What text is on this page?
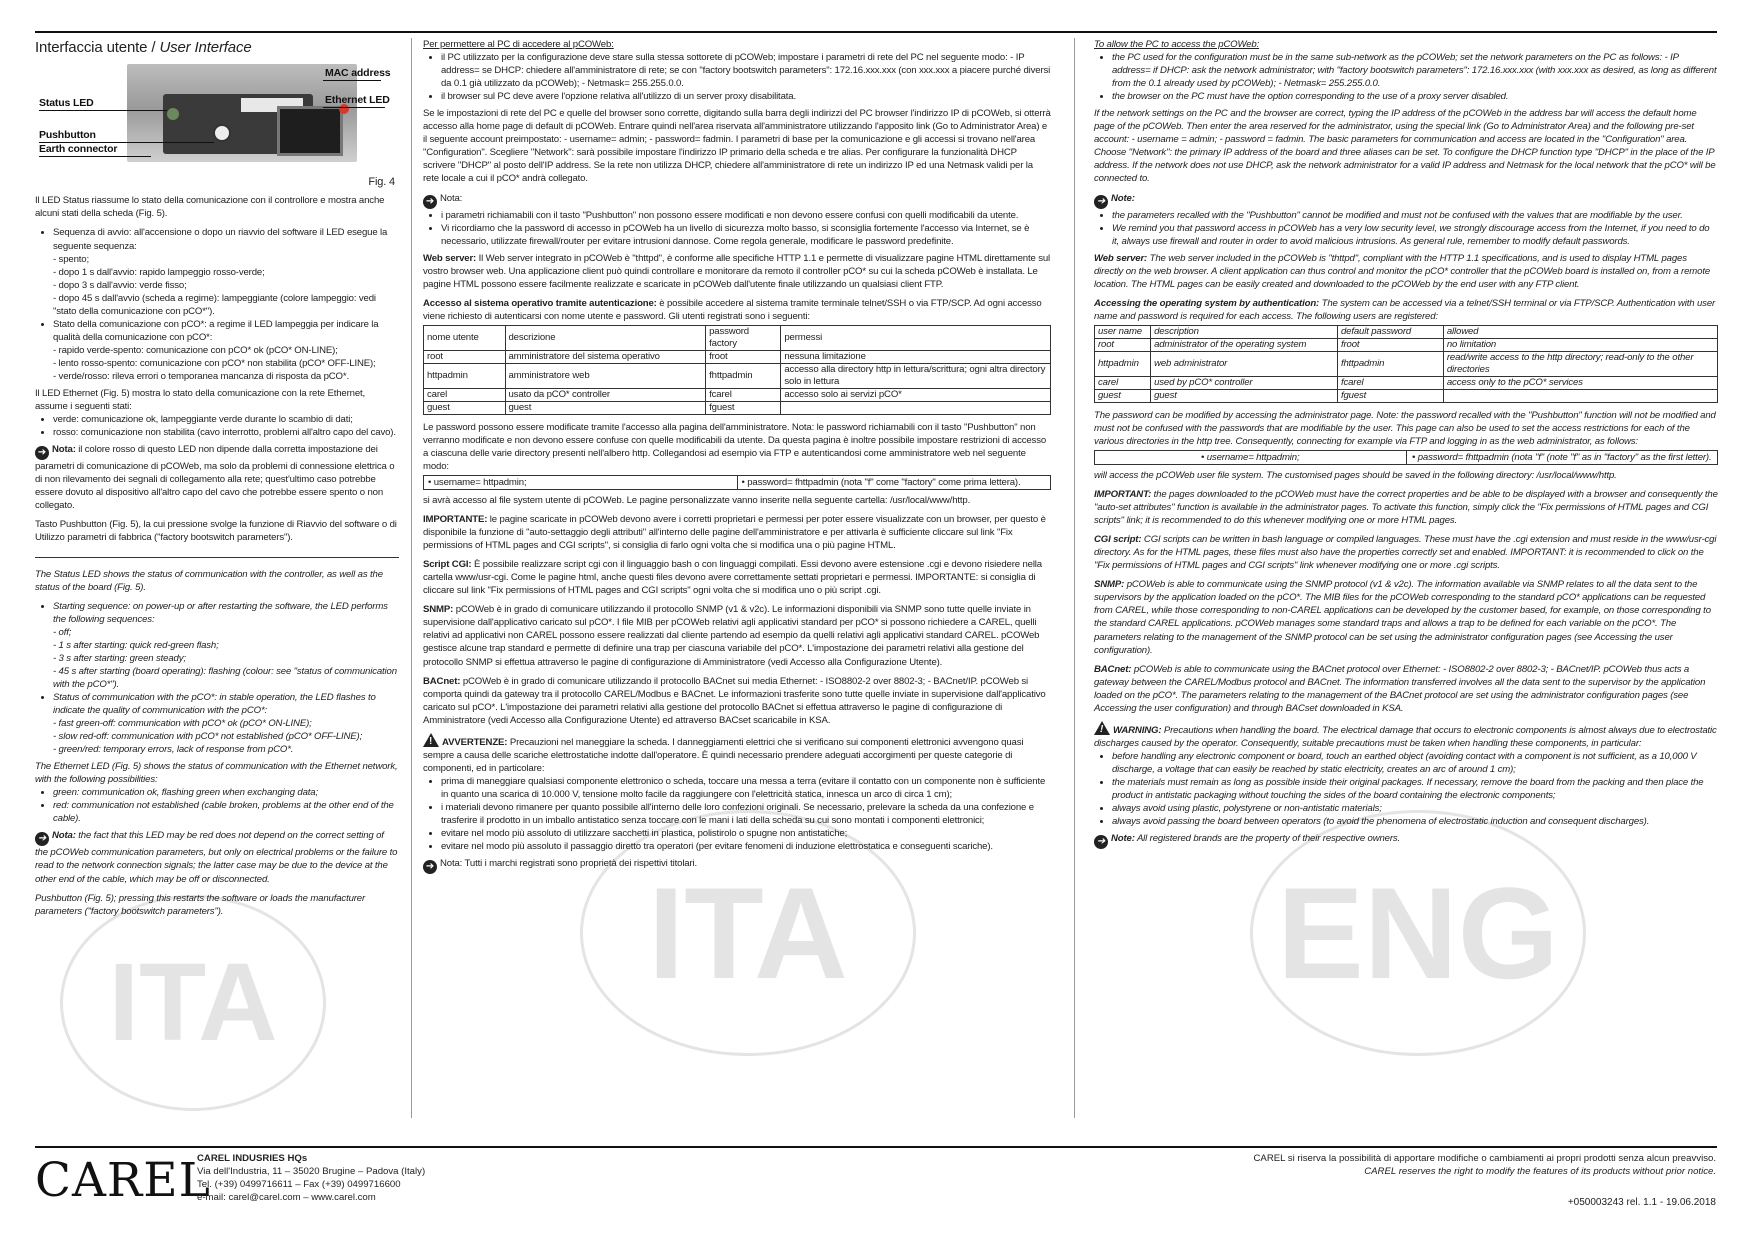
ITA	ITA	ENG
Interfaccia utente / User Interface
MAC address
Status LED	Ethernet LED
Pushbutton
Earth connector
Fig. 4

Il LED Status riassume lo stato della comunicazione con il controllore e mostra anche alcuni stati della scheda (Fig. 5).

• Sequenza di avvio: all'accensione o dopo un riavvio del software il LED esegue la seguente sequenza:
- spento;
- dopo 1 s dall'avvio: rapido lampeggio rosso-verde;
- dopo 3 s dall'avvio: verde fisso;
- dopo 45 s dall'avvio (scheda a regime): lampeggiante (colore lampeggio: vedi "stato della comunicazione con pCO*").
• Stato della comunicazione con pCO*: a regime il LED lampeggia per indicare la qualità della comunicazione con pCO*:
- rapido verde-spento: comunicazione con pCO* ok (pCO* ON-LINE);
- lento rosso-spento: comunicazione con pCO* non stabilita (pCO* OFF-LINE);
- verde/rosso: rileva errori o temporanea mancanza di risposta da pCO*.

Il LED Ethernet (Fig. 5) mostra lo stato della comunicazione con la rete Ethernet, assume i seguenti stati:

• verde: comunicazione ok, lampeggiante verde durante lo scambio di dati;
• rosso: comunicazione non stabilita (cavo interrotto, problemi all'altro capo del cavo).

➔ Nota: il colore rosso di questo LED non dipende dalla corretta impostazione dei parametri di comunicazione di pCOWeb, ma solo da problemi di connessione elettrica o di non rilevamento dei segnali di collegamento alla rete; quest'ultimo caso potrebbe essere dovuto al dispositivo all'altro capo del cavo che potrebbe essere spento o non collegato.

Tasto Pushbutton (Fig. 5), la cui pressione svolge la funzione di Riavvio del software o di Utilizzo parametri di fabbrica ("factory bootswitch parameters").

The Status LED shows the status of communication with the controller, as well as the status of the board (Fig. 5).

• Starting sequence: on power-up or after restarting the software, the LED performs the following sequences:
- off;
- 1 s after starting: quick red-green flash;
- 3 s after starting: green steady;
- 45 s after starting (board operating): flashing (colour: see "status of communication with the pCO*").
• Status of communication with the pCO*: in stable operation, the LED flashes to indicate the quality of communication with the pCO*:
- fast green-off: communication with pCO* ok (pCO* ON-LINE);
- slow red-off: communication with pCO* not established (pCO* OFF-LINE);
- green/red: temporary errors, lack of response from pCO*.

The Ethernet LED (Fig. 5) shows the status of communication with the Ethernet network, with the following possibilities:

• green: communication ok, flashing green when exchanging data;
• red: communication not established (cable broken, problems at the other end of the cable).

➔ Nota: the fact that this LED may be red does not depend on the correct setting of the pCOWeb communication parameters, but only on electrical problems or the failure to read to the network connection signals; the latter case may be due to the device at the other end of the cable, which may be off or disconnected.

Pushbutton (Fig. 5); pressing this restarts the software or loads the manufacturer parameters ("factory bootswitch parameters").

Per permettere al PC di accedere al pCOWeb:

• il PC utilizzato per la configurazione deve stare sulla stessa sottorete di pCOWeb; impostare i parametri di rete del PC nel seguente modo: - IP address= se DHCP: chiedere all'amministratore di rete; se con "factory bootswitch parameters": 172.16.xxx.xxx (con xxx.xxx a piacere purché diversi da 0.1 già utilizzato da pCOWeb); - Netmask= 255.255.0.0.
• il browser sul PC deve avere l'opzione relativa all'utilizzo di un server proxy disabilitata.

Se le impostazioni di rete del PC e quelle del browser sono corrette, digitando sulla barra degli indirizzi del PC browser l'indirizzo IP di pCOWeb, si otterrà accesso alla home page di default di pCOWeb. Entrare quindi nell'area riservata all'amministratore utilizzando l'apposito link (Go to Administrator Area) e il seguente account preimpostato: - username= admin; - password= fadmin. I parametri di base per la comunicazione e gli accessi si trovano nell'area "Configuration". Scegliere "Network": sarà possibile impostare l'indirizzo IP primario della scheda e tre alias. Per configurare la funzionalità DHCP scrivere "DHCP" al posto dell'IP address. Se la rete non utilizza DHCP, chiedere all'amministratore di rete un indirizzo IP ed una Netmask validi per la rete locale a cui il pCO* andrà collegato.

➔ Nota:

• i parametri richiamabili con il tasto "Pushbutton" non possono essere modificati e non devono essere confusi con quelli modificabili da utente.
• Vi ricordiamo che la password di accesso in pCOWeb ha un livello di sicurezza molto basso, si sconsiglia fortemente l'accesso via Internet, se è necessario, utilizzate firewall/router per evitare intrusioni dannose. Come regola generale, modificare le password predefinite.

Web server: Il Web server integrato in pCOWeb è "thttpd", è conforme alle specifiche HTTP 1.1 e permette di visualizzare pagine HTML direttamente sul vostro browser web. Una applicazione client può quindi controllare e monitorare da remoto il controller pCO* su cui la scheda pCOWeb è installata. Le pagine HTML possono essere facilmente realizzate e scaricate in pCOWeb dall'utente finale utilizzando un qualsiasi client FTP.

Accesso al sistema operativo tramite autenticazione: è possibile accedere al sistema tramite terminale telnet/SSH o via FTP/SCP. Ad ogni accesso viene richiesto di autenticarsi con nome utente e password. Gli utenti registrati sono i seguenti:

nome utente	descrizione	password factory	permessi
root	amministratore del sistema operativo	froot	nessuna limitazione
httpadmin	amministratore web	fhttpadmin	accesso alla directory http in lettura/scrittura; ogni altra directory solo in lettura
carel	usato da pCO* controller	fcarel	accesso solo ai servizi pCO*
guest	guest	fguest	

Le password possono essere modificate tramite l'accesso alla pagina dell'amministratore. Nota: le password richiamabili con il tasto "Pushbutton" non verranno modificate e non devono essere confuse con quelle modificabili da utente. Da questa pagina è inoltre possibile impostare restrizioni di accesso a ciascuna delle varie directory presenti nell'albero http. Collegandosi ad esempio via FTP e autenticandosi come amministratore web nel seguente modo:

• username= httpadmin;	• password= fhttpadmin (nota "f" come "factory" come prima lettera).

si avrà accesso al file system utente di pCOWeb. Le pagine personalizzate vanno inserite nella seguente cartella: /usr/local/www/http.

IMPORTANTE: le pagine scaricate in pCOWeb devono avere i corretti proprietari e permessi per poter essere visualizzate con un browser, per questo è disponibile la funzione di "auto-settaggio degli attributi" all'interno delle pagine dell'amministratore e per attivarla è sufficiente cliccare sul link "Fix permissions of HTML pages and CGI scripts", si consiglia di farlo ogni volta che si modifica una o più pagine HTML.

Script CGI: È possibile realizzare script cgi con il linguaggio bash o con linguaggi compilati. Essi devono avere estensione .cgi e devono risiedere nella cartella www/usr-cgi. Come le pagine html, anche questi files devono avere correttamente settati proprietari e permessi. IMPORTANTE: si consiglia di cliccare sul link "Fix permissions of HTML pages and CGI scripts" ogni volta che si modifica uno o più script .cgi.

SNMP: pCOWeb è in grado di comunicare utilizzando il protocollo SNMP (v1 & v2c). Le informazioni disponibili via SNMP sono tutte quelle inviate in supervisione dall'applicativo caricato sul pCO*. I file MIB per pCOWeb relativi agli applicativi standard per pCO* si possono richiedere a CAREL, quelli relativi ad applicativi non CAREL possono essere realizzati dal cliente partendo ad esempio da quelli relativi agli applicativi standard CAREL. pCOWeb gestisce alcune trap standard e permette di definire una trap per ciascuna variabile del pCO*. L'impostazione dei parametri relativi alla gestione del protocollo SNMP si effettua attraverso le pagine di configurazione di Amministratore (vedi Accesso alla Configurazione Utente).

BACnet: pCOWeb è in grado di comunicare utilizzando il protocollo BACnet sui media Ethernet: - ISO8802-2 over 8802-3; - BACnet/IP. pCOWeb si comporta quindi da gateway tra il protocollo CAREL/Modbus e BACnet. Le informazioni trasferite sono tutte quelle inviate in supervisione dall'applicativo caricato sul pCO*. L'impostazione dei parametri relativi alla gestione del protocollo BACnet si effettua attraverso le pagine di configurazione di Amministratore (vedi Accesso alla Configurazione Utente) ed attraverso BACset scaricabile in KSA.

! AVVERTENZE: Precauzioni nel maneggiare la scheda. I danneggiamenti elettrici che si verificano sui componenti elettronici avvengono quasi sempre a causa delle scariche elettrostatiche indotte dall'operatore. È quindi necessario prendere adeguati accorgimenti per queste categorie di componenti, ed in particolare:

• prima di maneggiare qualsiasi componente elettronico o scheda, toccare una messa a terra (evitare il contatto con un componente non è sufficiente in quanto una scarica di 10.000 V, tensione molto facile da raggiungere con l'elettricità statica, innesca un arco di circa 1 cm);
• i materiali devono rimanere per quanto possibile all'interno delle loro confezioni originali. Se necessario, prelevare la scheda da una confezione e trasferire il prodotto in un imballo antistatico senza toccare con le mani i lati della scheda su cui sono montati i componenti elettronici;
• evitare nel modo più assoluto di utilizzare sacchetti in plastica, polistirolo o spugne non antistatiche;
• evitare nel modo più assoluto il passaggio diretto tra operatori (per evitare fenomeni di induzione elettrostatica e conseguenti scariche).

➔ Nota: Tutti i marchi registrati sono proprietà dei rispettivi titolari.

To allow the PC to access the pCOWeb:

• the PC used for the configuration must be in the same sub-network as the pCOWeb; set the network parameters on the PC as follows: - IP address= if DHCP: ask the network administrator; with "factory bootswitch parameters": 172.16.xxx.xxx (with xxx.xxx as desired, as long as different from the 0.1 already used by pCOWeb); - Netmask= 255.255.0.0.
• the browser on the PC must have the option corresponding to the use of a proxy server disabled.

If the network settings on the PC and the browser are correct, typing the IP address of the pCOWeb in the address bar will access the default home page of the pCOWeb. Then enter the area reserved for the administrator, using the special link (Go to Administrator Area) and the following pre-set account: - username = admin; - password = fadmin. The basic parameters for communication and access are located in the "Configuration" area. Choose "Network": the primary IP address of the board and three aliases can be set. To configure the DHCP function type "DHCP" in the place of the IP address. If the network does not use DHCP, ask the network administrator for a valid IP address and Netmask for the local network that the pCO* will be connected to.

➔ Note:

• the parameters recalled with the "Pushbutton" cannot be modified and must not be confused with the values that are modifiable by the user.
• We remind you that password access in pCOWeb has a very low security level, we strongly discourage access from the Internet, if you need to do it, always use firewall and router in order to avoid malicious intrusions. As general rule, remember to modify default passwords.

Web server: The web server included in the pCOWeb is "thttpd", compliant with the HTTP 1.1 specifications, and is used to display HTML pages directly on the web browser. A client application can thus control and monitor the pCO* controller that the pCOWeb board is installed on, from a remote location. The HTML pages can be easily created and downloaded to the pCOWeb by the end user with any FTP client.

Accessing the operating system by authentication: The system can be accessed via a telnet/SSH terminal or via FTP/SCP. Authentication with user name and password is required for each access. The following users are registered:

user name	description	default password	allowed
root	administrator of the operating system	froot	no limitation
httpadmin	web administrator	fhttpadmin	read/write access to the http directory; read-only to the other directories
carel	used by pCO* controller	fcarel	access only to the pCO* services
guest	guest	fguest	

The password can be modified by accessing the administrator page. Note: the password recalled with the "Pushbutton" function will not be modified and must not be confused with the passwords that are modifiable by the user. This page can also be used to set the access restrictions for each of the various directories in the http tree. Consequently, connecting for example via FTP and logging in as the web administrator, as follows:

• username= httpadmin;	• password= fhttpadmin (nota "f" (note "f" as in "factory" as the first letter).

will access the pCOWeb user file system. The customised pages should be saved in the following directory: /usr/local/www/http.

IMPORTANT: the pages downloaded to the pCOWeb must have the correct properties and be able to be displayed with a browser and consequently the "auto-set attributes" function is available in the administrator pages. To activate this function, simply click the "Fix permissions of HTML pages and CGI scripts" link; it is recommended to do this whenever modifying one or more HTML pages.

CGI script: CGI scripts can be written in bash language or compiled languages. These must have the .cgi extension and must reside in the www/usr-cgi directory. As for the HTML pages, these files must also have the properties correctly set and enabled. IMPORTANT: it is recommended to click on the "Fix permissions of HTML pages and CGI scripts" link whenever modifying one or more .cgi scripts.

SNMP: pCOWeb is able to communicate using the SNMP protocol (v1 & v2c). The information available via SNMP relates to all the data sent to the supervisors by the application loaded on the pCO*. The MIB files for the pCOWeb corresponding to the standard pCO* applications can be requested from CAREL, while those corresponding to non-CAREL applications can be developed by the customer based, for example, on those corresponding to the standard CAREL applications. pCOWeb manages some standard traps and allows a trap to be defined for each variable on the pCO*. The parameters relating to the management of the SNMP protocol can be set using the administrator configuration pages (see Accessing the user configuration).

BACnet: pCOWeb is able to communicate using the BACnet protocol over Ethernet: - ISO8802-2 over 8802-3; - BACnet/IP. pCOWeb thus acts a gateway between the CAREL/Modbus protocol and BACnet. The information transferred involves all the data sent to the supervisor by the application loaded on the pCO*. The parameters relating to the management of the BACnet protocol are set using the administrator configuration pages (see Accessing the user configuration) and through BACset downloaded in KSA.

! WARNING: Precautions when handling the board. The electrical damage that occurs to electronic components is almost always due to electrostatic discharges caused by the operator. Consequently, suitable precautions must be taken when handling these components, in particular:

• before handling any electronic component or board, touch an earthed object (avoiding contact with a component is not sufficient, as a 10,000 V discharge, a voltage that can easily be reached by static electricity, creates an arc of around 1 cm);
• the materials must remain as long as possible inside their original packages. If necessary, remove the board from the packing and then place the product in antistatic packaging without touching the sides of the board containing the electronic components;
• always avoid using plastic, polystyrene or non-antistatic materials;
• always avoid passing the board between operators (to avoid the phenomena of electrostatic induction and consequent discharges).

➔ Note: All registered brands are the property of their respective owners.

CAREL
CAREL INDUSRIES HQs
Via dell'Industria, 11 – 35020 Brugine – Padova (Italy)
Tel. (+39) 0499716611 – Fax (+39) 0499716600
e-mail: carel@carel.com – www.carel.com
CAREL si riserva la possibilità di apportare modifiche o cambiamenti ai propri prodotti senza alcun preavviso.
CAREL reserves the right to modify the features of its products without prior notice.
+050003243 rel. 1.1 - 19.06.2018
